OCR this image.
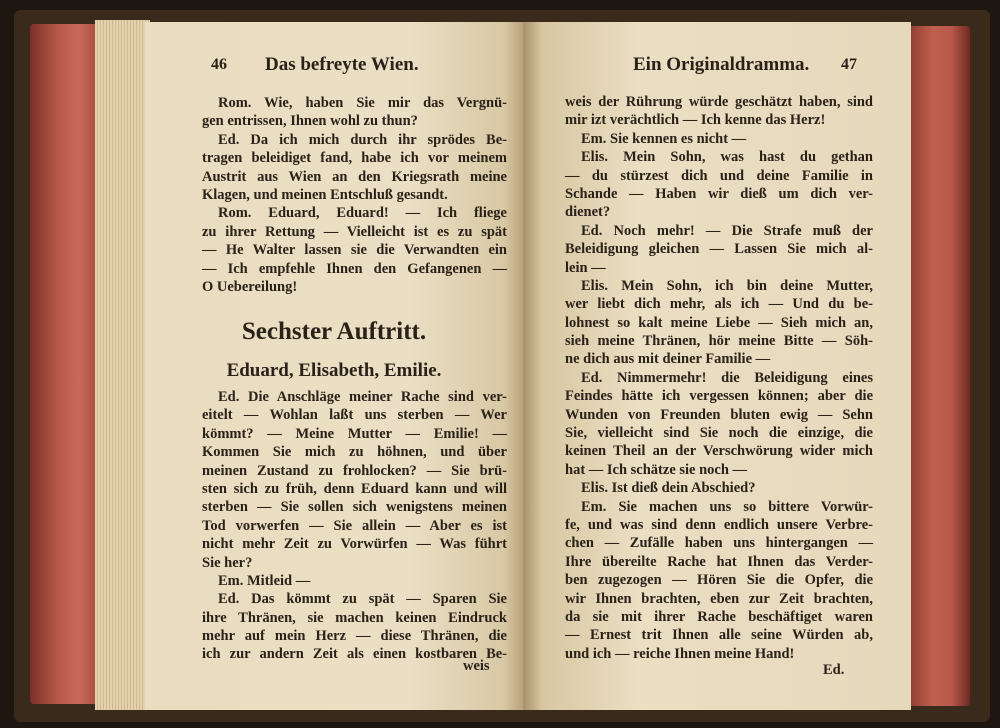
46 Das befreyte Wien.
Rom. Wie, haben Sie mir das Vergnü-
gen entrissen, Ihnen wohl zu thun?
Ed. Da ich mich durch ihr sprödes Be-
tragen beleidiget fand, habe ich vor meinem
Austrit aus Wien an den Kriegsrath meine
Klagen, und meinen Entschluß gesandt.
Rom. Eduard, Eduard! — Ich fliege
zu ihrer Rettung — Vielleicht ist es zu spät
— He Walter lassen sie die Verwandten ein
— Ich empfehle Ihnen den Gefangenen —
O Uebereilung!
Sechster Auftritt.
Eduard, Elisabeth, Emilie.
Ed. Die Anschläge meiner Rache sind ver-
eitelt — Wohlan laßt uns sterben — Wer
kömmt? — Meine Mutter — Emilie! —
Kommen Sie mich zu höhnen, und über
meinen Zustand zu frohlocken? — Sie brü-
sten sich zu früh, denn Eduard kann und will
sterben — Sie sollen sich wenigstens meinen
Tod vorwerfen — Sie allein — Aber es ist
nicht mehr Zeit zu Vorwürfen — Was führt
Sie her?
Em. Mitleid —
Ed. Das kömmt zu spät — Sparen Sie
ihre Thränen, sie machen keinen Eindruck
mehr auf mein Herz — diese Thränen, die
ich zur andern Zeit als einen kostbaren Be-
weis
Ein Originaldramma. 47
weis der Rührung würde geschätzt haben, sind
mir izt verächtlich — Ich kenne das Herz!
Em. Sie kennen es nicht —
Elis. Mein Sohn, was hast du gethan
— du stürzest dich und deine Familie in
Schande — Haben wir dieß um dich ver-
dienet?
Ed. Noch mehr! — Die Strafe muß der
Beleidigung gleichen — Lassen Sie mich al-
lein —
Elis. Mein Sohn, ich bin deine Mutter,
wer liebt dich mehr, als ich — Und du be-
lohnest so kalt meine Liebe — Sieh mich an,
sieh meine Thränen, hör meine Bitte — Söh-
ne dich aus mit deiner Familie —
Ed. Nimmermehr! die Beleidigung eines
Feindes hätte ich vergessen können; aber die
Wunden von Freunden bluten ewig — Sehn
Sie, vielleicht sind Sie noch die einzige, die
keinen Theil an der Verschwörung wider mich
hat — Ich schätze sie noch —
Elis. Ist dieß dein Abschied?
Em. Sie machen uns so bittere Vorwür-
fe, und was sind denn endlich unsere Verbre-
chen — Zufälle haben uns hintergangen —
Ihre übereilte Rache hat Ihnen das Verder-
ben zugezogen — Hören Sie die Opfer, die
wir Ihnen brachten, eben zur Zeit brachten,
da sie mit ihrer Rache beschäftiget waren
— Ernest trit Ihnen alle seine Würden ab,
und ich — reiche Ihnen meine Hand!
Ed.
